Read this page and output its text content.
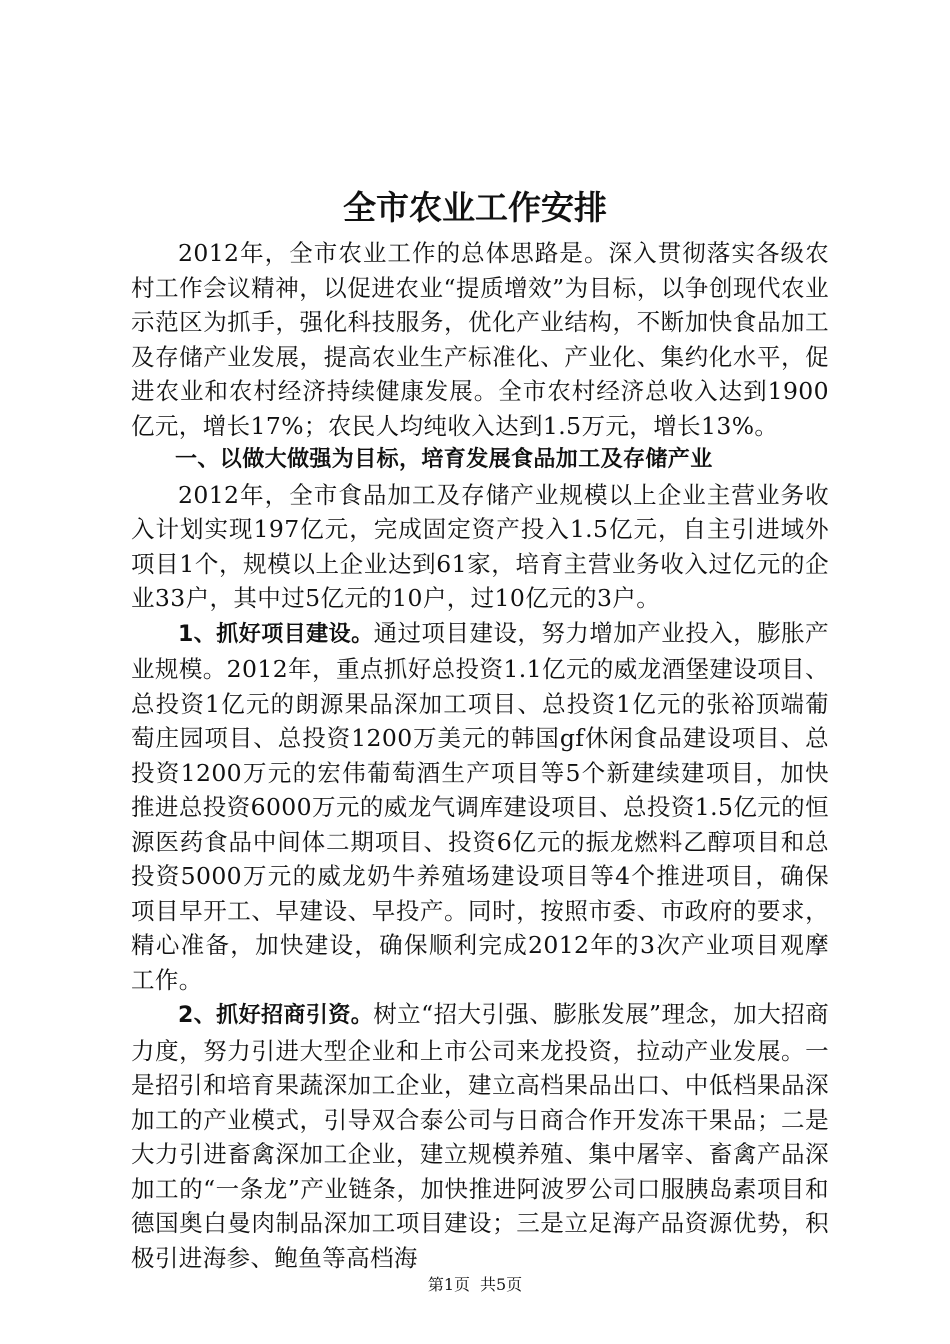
全市农业工作安排

2012年，全市农业工作的总体思路是。深入贯彻落实各级农村工作会议精神，以促进农业“提质增效”为目标，以争创现代农业示范区为抓手，强化科技服务，优化产业结构，不断加快食品加工及存储产业发展，提高农业生产标准化、产业化、集约化水平，促进农业和农村经济持续健康发展。全市农村经济总收入达到1900亿元，增长17%；农民人均纯收入达到1.5万元，增长13%。

一、以做大做强为目标，培育发展食品加工及存储产业

2012年，全市食品加工及存储产业规模以上企业主营业务收入计划实现197亿元，完成固定资产投入1.5亿元，自主引进域外项目1个，规模以上企业达到61家，培育主营业务收入过亿元的企业33户，其中过5亿元的10户，过10亿元的3户。

1、抓好项目建设。通过项目建设，努力增加产业投入，膨胀产业规模。2012年，重点抓好总投资1.1亿元的威龙酒堡建设项目、总投资1亿元的朗源果品深加工项目、总投资1亿元的张裕顶端葡萄庄园项目、总投资1200万美元的韩国gf休闲食品建设项目、总投资1200万元的宏伟葡萄酒生产项目等5个新建续建项目，加快推进总投资6000万元的威龙气调库建设项目、总投资1.5亿元的恒源医药食品中间体二期项目、投资6亿元的振龙燃料乙醇项目和总投资5000万元的威龙奶牛养殖场建设项目等4个推进项目，确保项目早开工、早建设、早投产。同时，按照市委、市政府的要求，精心准备，加快建设，确保顺利完成2012年的3次产业项目观摩工作。

2、抓好招商引资。树立“招大引强、膨胀发展”理念，加大招商力度，努力引进大型企业和上市公司来龙投资，拉动产业发展。一是招引和培育果蔬深加工企业，建立高档果品出口、中低档果品深加工的产业模式，引导双合泰公司与日商合作开发冻干果品；二是大力引进畜禽深加工企业，建立规模养殖、集中屠宰、畜禽产品深加工的“一条龙”产业链条，加快推进阿波罗公司口服胰岛素项目和德国奥白曼肉制品深加工项目建设；三是立足海产品资源优势，积极引进海参、鲍鱼等高档海

第1页 共5页
